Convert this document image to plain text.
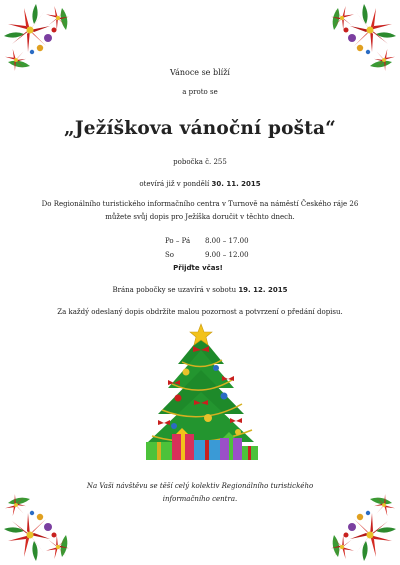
Vánoce se blíží
a proto se
„Ježíškova vánoční pošta“
pobočka č. 255
otevírá již v pondělí 30. 11. 2015
Do Regionálního turistického informačního centra v Turnově na náměstí Českého ráje 26
můžete svůj dopis pro Ježíška doručit v těchto dnech.
Po – Pá 8.00 – 17.00
So	9.00 – 12.00
Přijďte včas!
Brána pobočky se uzavírá v sobotu 19. 12. 2015
Za každý odeslaný dopis obdržíte malou pozornost a potvrzení o předání dopisu.
Na Vaši návštěvu se těší celý kolektiv Regionálního turistického
informačního centra.
